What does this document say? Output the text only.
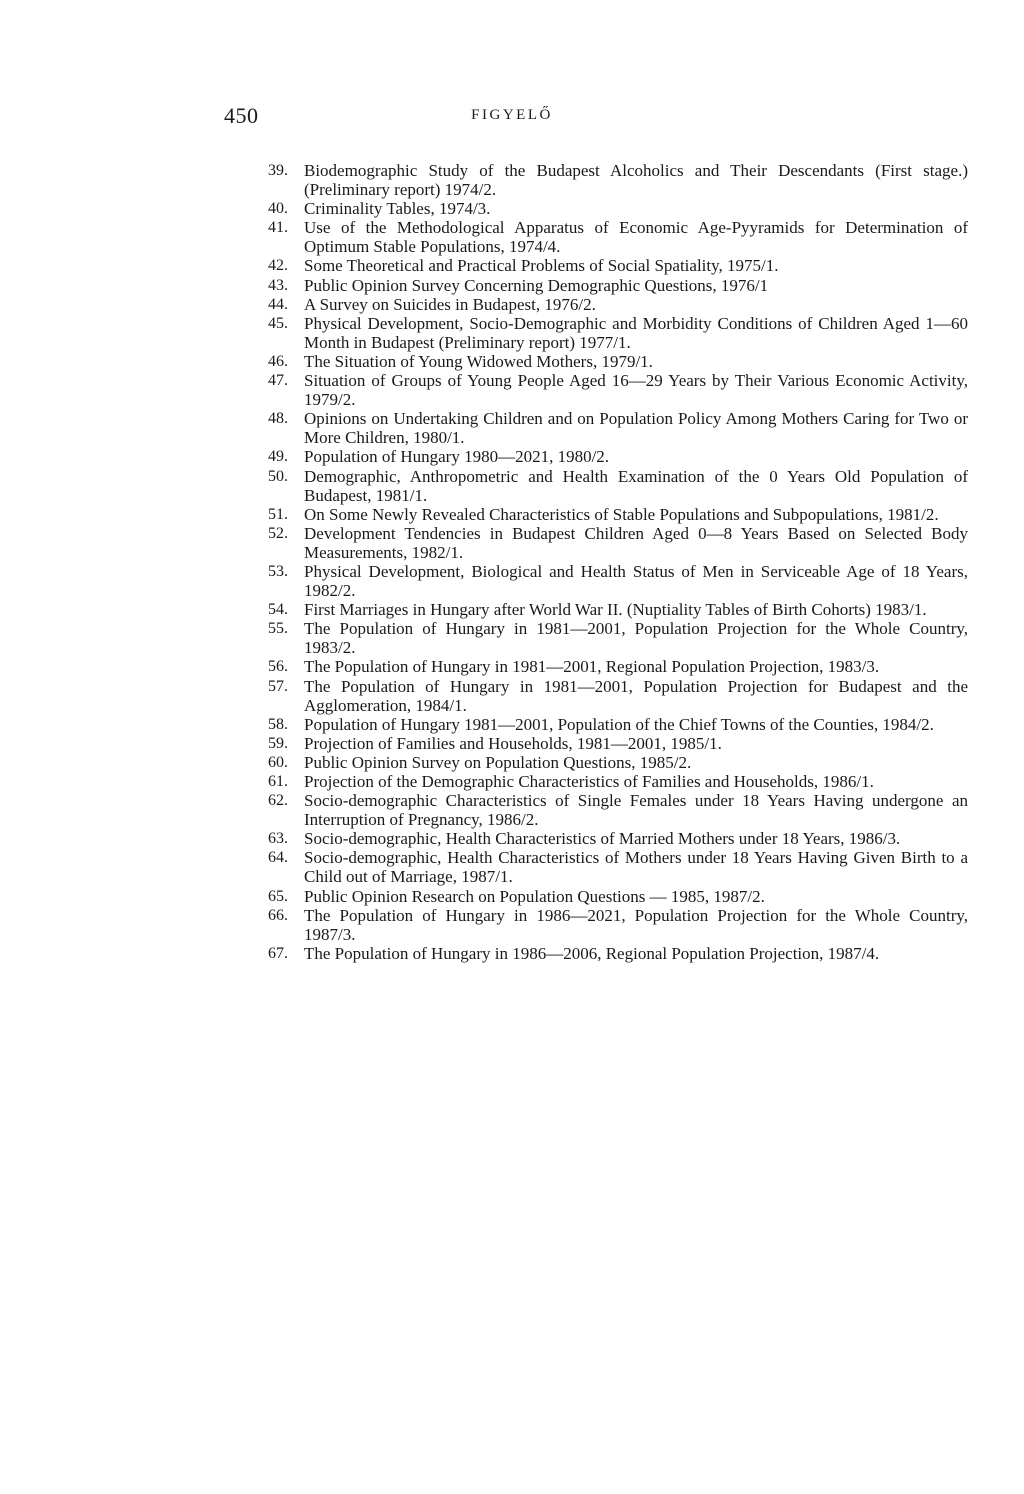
450	FIGYELŐ
39. Biodemographic Study of the Budapest Alcoholics and Their Descendants (First stage.) (Preliminary report) 1974/2.
40. Criminality Tables, 1974/3.
41. Use of the Methodological Apparatus of Economic Age-Pyyramids for Determination of Optimum Stable Populations, 1974/4.
42. Some Theoretical and Practical Problems of Social Spatiality, 1975/1.
43. Public Opinion Survey Concerning Demographic Questions, 1976/1
44. A Survey on Suicides in Budapest, 1976/2.
45. Physical Development, Socio-Demographic and Morbidity Conditions of Children Aged 1—60 Month in Budapest (Preliminary report) 1977/1.
46. The Situation of Young Widowed Mothers, 1979/1.
47. Situation of Groups of Young People Aged 16—29 Years by Their Various Economic Activity, 1979/2.
48. Opinions on Undertaking Children and on Population Policy Among Mothers Caring for Two or More Children, 1980/1.
49. Population of Hungary 1980—2021, 1980/2.
50. Demographic, Anthropometric and Health Examination of the 0 Years Old Population of Budapest, 1981/1.
51. On Some Newly Revealed Characteristics of Stable Populations and Subpopulations, 1981/2.
52. Development Tendencies in Budapest Children Aged 0—8 Years Based on Selected Body Measurements, 1982/1.
53. Physical Development, Biological and Health Status of Men in Serviceable Age of 18 Years, 1982/2.
54. First Marriages in Hungary after World War II. (Nuptiality Tables of Birth Cohorts) 1983/1.
55. The Population of Hungary in 1981—2001, Population Projection for the Whole Country, 1983/2.
56. The Population of Hungary in 1981—2001, Regional Population Projection, 1983/3.
57. The Population of Hungary in 1981—2001, Population Projection for Budapest and the Agglomeration, 1984/1.
58. Population of Hungary 1981—2001, Population of the Chief Towns of the Counties, 1984/2.
59. Projection of Families and Households, 1981—2001, 1985/1.
60. Public Opinion Survey on Population Questions, 1985/2.
61. Projection of the Demographic Characteristics of Families and Households, 1986/1.
62. Socio-demographic Characteristics of Single Females under 18 Years Having undergone an Interruption of Pregnancy, 1986/2.
63. Socio-demographic, Health Characteristics of Married Mothers under 18 Years, 1986/3.
64. Socio-demographic, Health Characteristics of Mothers under 18 Years Having Given Birth to a Child out of Marriage, 1987/1.
65. Public Opinion Research on Population Questions — 1985, 1987/2.
66. The Population of Hungary in 1986—2021, Population Projection for the Whole Country, 1987/3.
67. The Population of Hungary in 1986—2006, Regional Population Projection, 1987/4.
